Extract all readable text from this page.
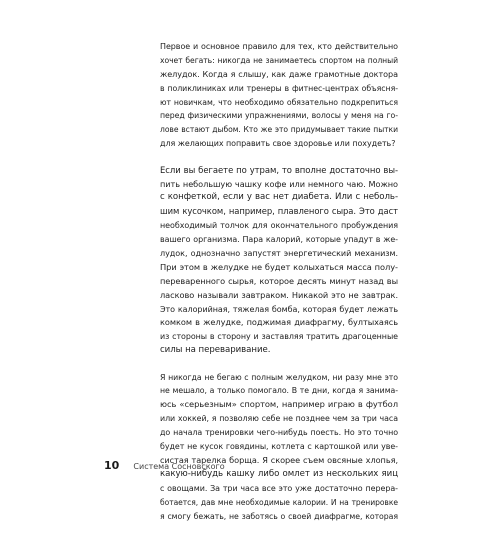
Первое и основное правило для тех, кто действительно
хочет бегать: никогда не занимаетесь спортом на полный
желудок. Когда я слышу, как даже грамотные доктора
в поликлиниках или тренеры в фитнес-центрах объясня-
ют новичкам, что необходимо обязательно подкрепиться
перед физическими упражнениями, волосы у меня на го-
лове встают дыбом. Кто же это придумывает такие пытки
для желающих поправить свое здоровье или похудеть?
Если вы бегаете по утрам, то вполне достаточно вы-
пить небольшую чашку кофе или немного чаю. Можно
с конфеткой, если у вас нет диабета. Или с неболь-
шим кусочком, например, плавленого сыра. Это даст
необходимый толчок для окончательного пробуждения
вашего организма. Пара калорий, которые упадут в же-
лудок, однозначно запустят энергетический механизм.
При этом в желудке не будет колыхаться масса полу-
переваренного сырья, которое десять минут назад вы
ласково называли завтраком. Никакой это не завтрак.
Это калорийная, тяжелая бомба, которая будет лежать
комком в желудке, поджимая диафрагму, бултыхаясь
из стороны в сторону и заставляя тратить драгоценные
силы на переваривание.
Я никогда не бегаю с полным желудком, ни разу мне это
не мешало, а только помогало. В те дни, когда я занима-
юсь «серьезным» спортом, например играю в футбол
или хоккей, я позволяю себе не позднее чем за три часа
до начала тренировки чего-нибудь поесть. Но это точно
будет не кусок говядины, котлета с картошкой или уве-
систая тарелка борща. Я скорее съем овсяные хлопья,
какую-нибудь кашку либо омлет из нескольких яиц
с овощами. За три часа все это уже достаточно перера-
ботается, дав мне необходимые калории. И на тренировке
я смогу бежать, не заботясь о своей диафрагме, которая
10 Система Сосновского
